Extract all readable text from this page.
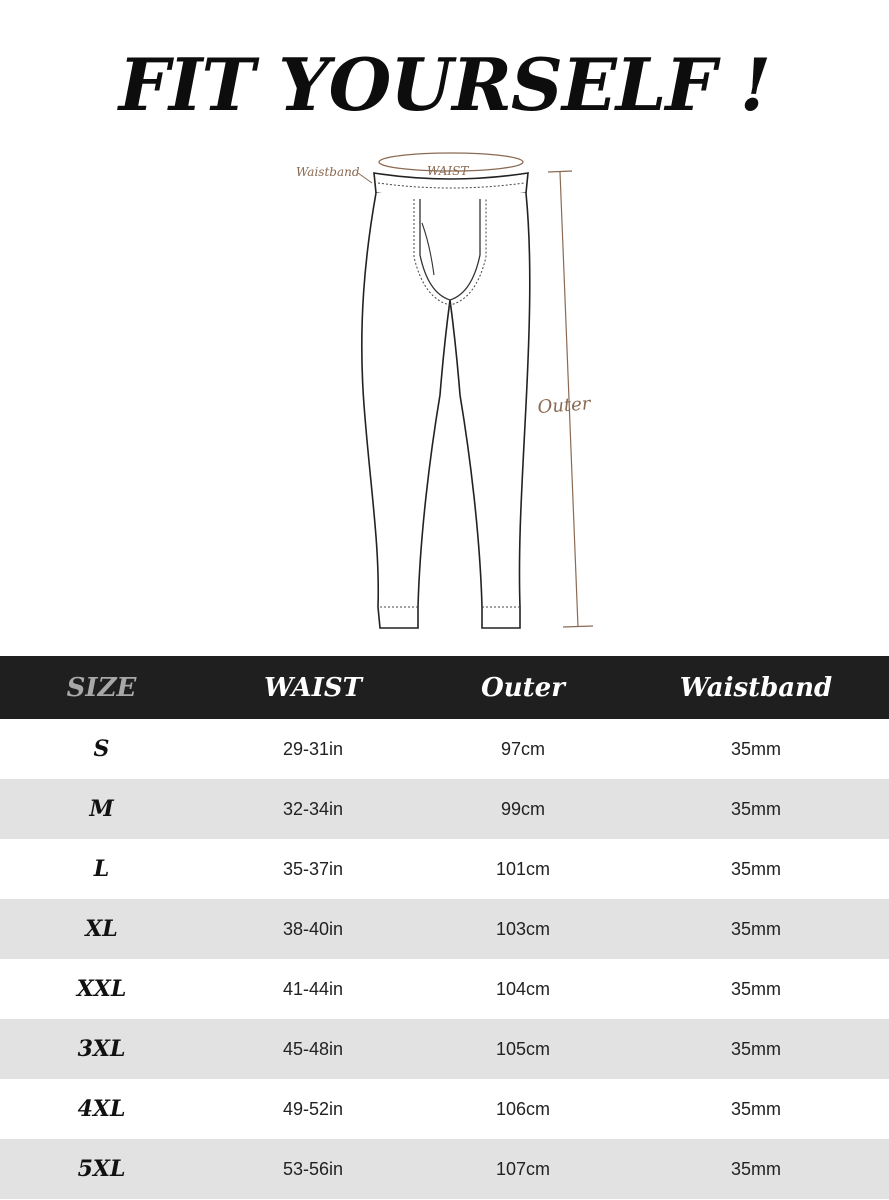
FIT YOURSELF !
Waistband	WAIST
Outer
SIZE	WAIST	Outer	Waistband
S	29-31in	97cm	35mm
M	32-34in	99cm	35mm
L	35-37in	101cm	35mm
XL	38-40in	103cm	35mm
XXL	41-44in	104cm	35mm
3XL	45-48in	105cm	35mm
4XL	49-52in	106cm	35mm
5XL	53-56in	107cm	35mm
